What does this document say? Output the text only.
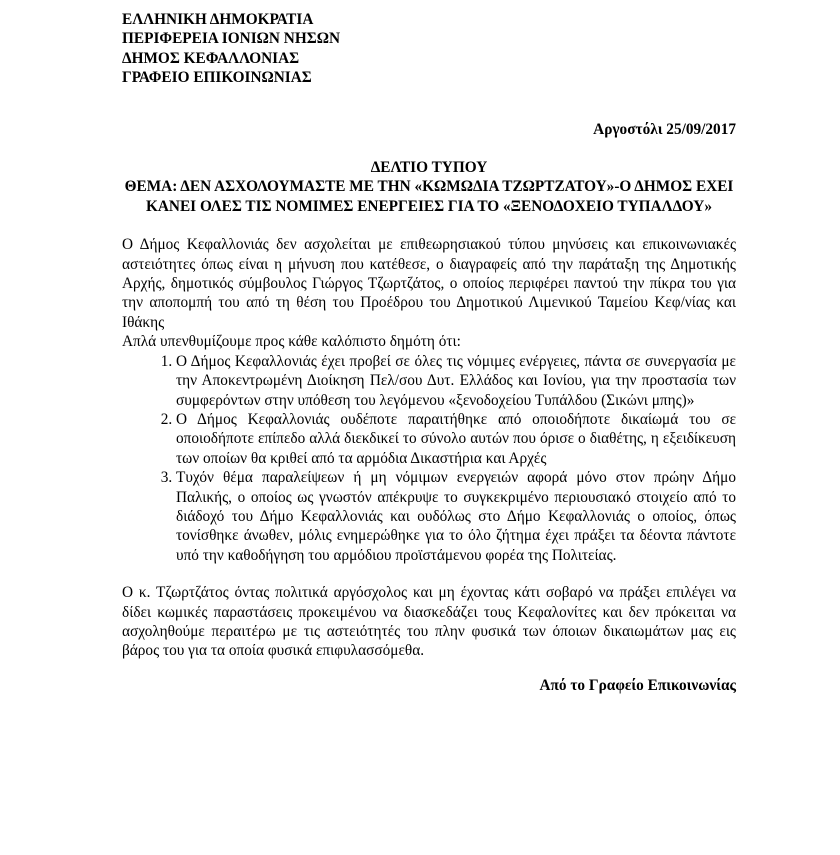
ΕΛΛΗΝΙΚΗ ΔΗΜΟΚΡΑΤΙΑ
ΠΕΡΙΦΕΡΕΙΑ ΙΟΝΙΩΝ ΝΗΣΩΝ
ΔΗΜΟΣ ΚΕΦΑΛΛΟΝΙΑΣ
ΓΡΑΦΕΙΟ ΕΠΙΚΟΙΝΩΝΙΑΣ
Αργοστόλι 25/09/2017
ΔΕΛΤΙΟ ΤΥΠΟΥ
ΘΕΜΑ: ΔΕΝ ΑΣΧΟΛΟΥΜΑΣΤΕ ΜΕ ΤΗΝ «ΚΩΜΩΔΙΑ ΤΖΩΡΤΖΑΤΟΥ»-Ο ΔΗΜΟΣ ΕΧΕΙ ΚΑΝΕΙ ΟΛΕΣ ΤΙΣ ΝΟΜΙΜΕΣ ΕΝΕΡΓΕΙΕΣ ΓΙΑ ΤΟ «ΞΕΝΟΔΟΧΕΙΟ ΤΥΠΑΛΔΟΥ»

Ο Δήμος Κεφαλλονιάς δεν ασχολείται με επιθεωρησιακού τύπου μηνύσεις και επικοινωνιακές αστειότητες όπως είναι η μήνυση που κατέθεσε, ο διαγραφείς από την παράταξη της Δημοτικής Αρχής, δημοτικός σύμβουλος Γιώργος Τζωρτζάτος, ο οποίος περιφέρει παντού την πίκρα του για την αποπομπή του από τη θέση του Προέδρου του Δημοτικού Λιμενικού Ταμείου Κεφ/νίας και Ιθάκης

Απλά υπενθυμίζουμε προς κάθε καλόπιστο δημότη ότι:

1. Ο Δήμος Κεφαλλονιάς έχει προβεί σε όλες τις νόμιμες ενέργειες, πάντα σε συνεργασία με την Αποκεντρωμένη Διοίκηση Πελ/σου Δυτ. Ελλάδος και Ιονίου, για την προστασία των συμφερόντων στην υπόθεση του λεγόμενου «ξενοδοχείου Τυπάλδου (Σικώνι μπης)»
2. Ο Δήμος Κεφαλλονιάς ουδέποτε παραιτήθηκε από οποιοδήποτε δικαίωμά του σε οποιοδήποτε επίπεδο αλλά διεκδικεί το σύνολο αυτών που όρισε ο διαθέτης, η εξειδίκευση των οποίων θα κριθεί από τα αρμόδια Δικαστήρια και Αρχές
3. Τυχόν θέμα παραλείψεων ή μη νόμιμων ενεργειών αφορά μόνο στον πρώην Δήμο Παλικής, ο οποίος ως γνωστόν απέκρυψε το συγκεκριμένο περιουσιακό στοιχείο από το διάδοχό του Δήμο Κεφαλλονιάς και ουδόλως στο Δήμο Κεφαλλονιάς ο οποίος, όπως τονίσθηκε άνωθεν, μόλις ενημερώθηκε για το όλο ζήτημα έχει πράξει τα δέοντα πάντοτε υπό την καθοδήγηση του αρμόδιου προϊστάμενου φορέα της Πολιτείας.

Ο κ. Τζωρτζάτος όντας πολιτικά αργόσχολος και μη έχοντας κάτι σοβαρό να πράξει επιλέγει να δίδει κωμικές παραστάσεις προκειμένου να διασκεδάζει τους Κεφαλονίτες και δεν πρόκειται να ασχοληθούμε περαιτέρω με τις αστειότητές του πλην φυσικά των όποιων δικαιωμάτων μας εις βάρος του για τα οποία φυσικά επιφυλασσόμεθα.

Από το Γραφείο Επικοινωνίας
